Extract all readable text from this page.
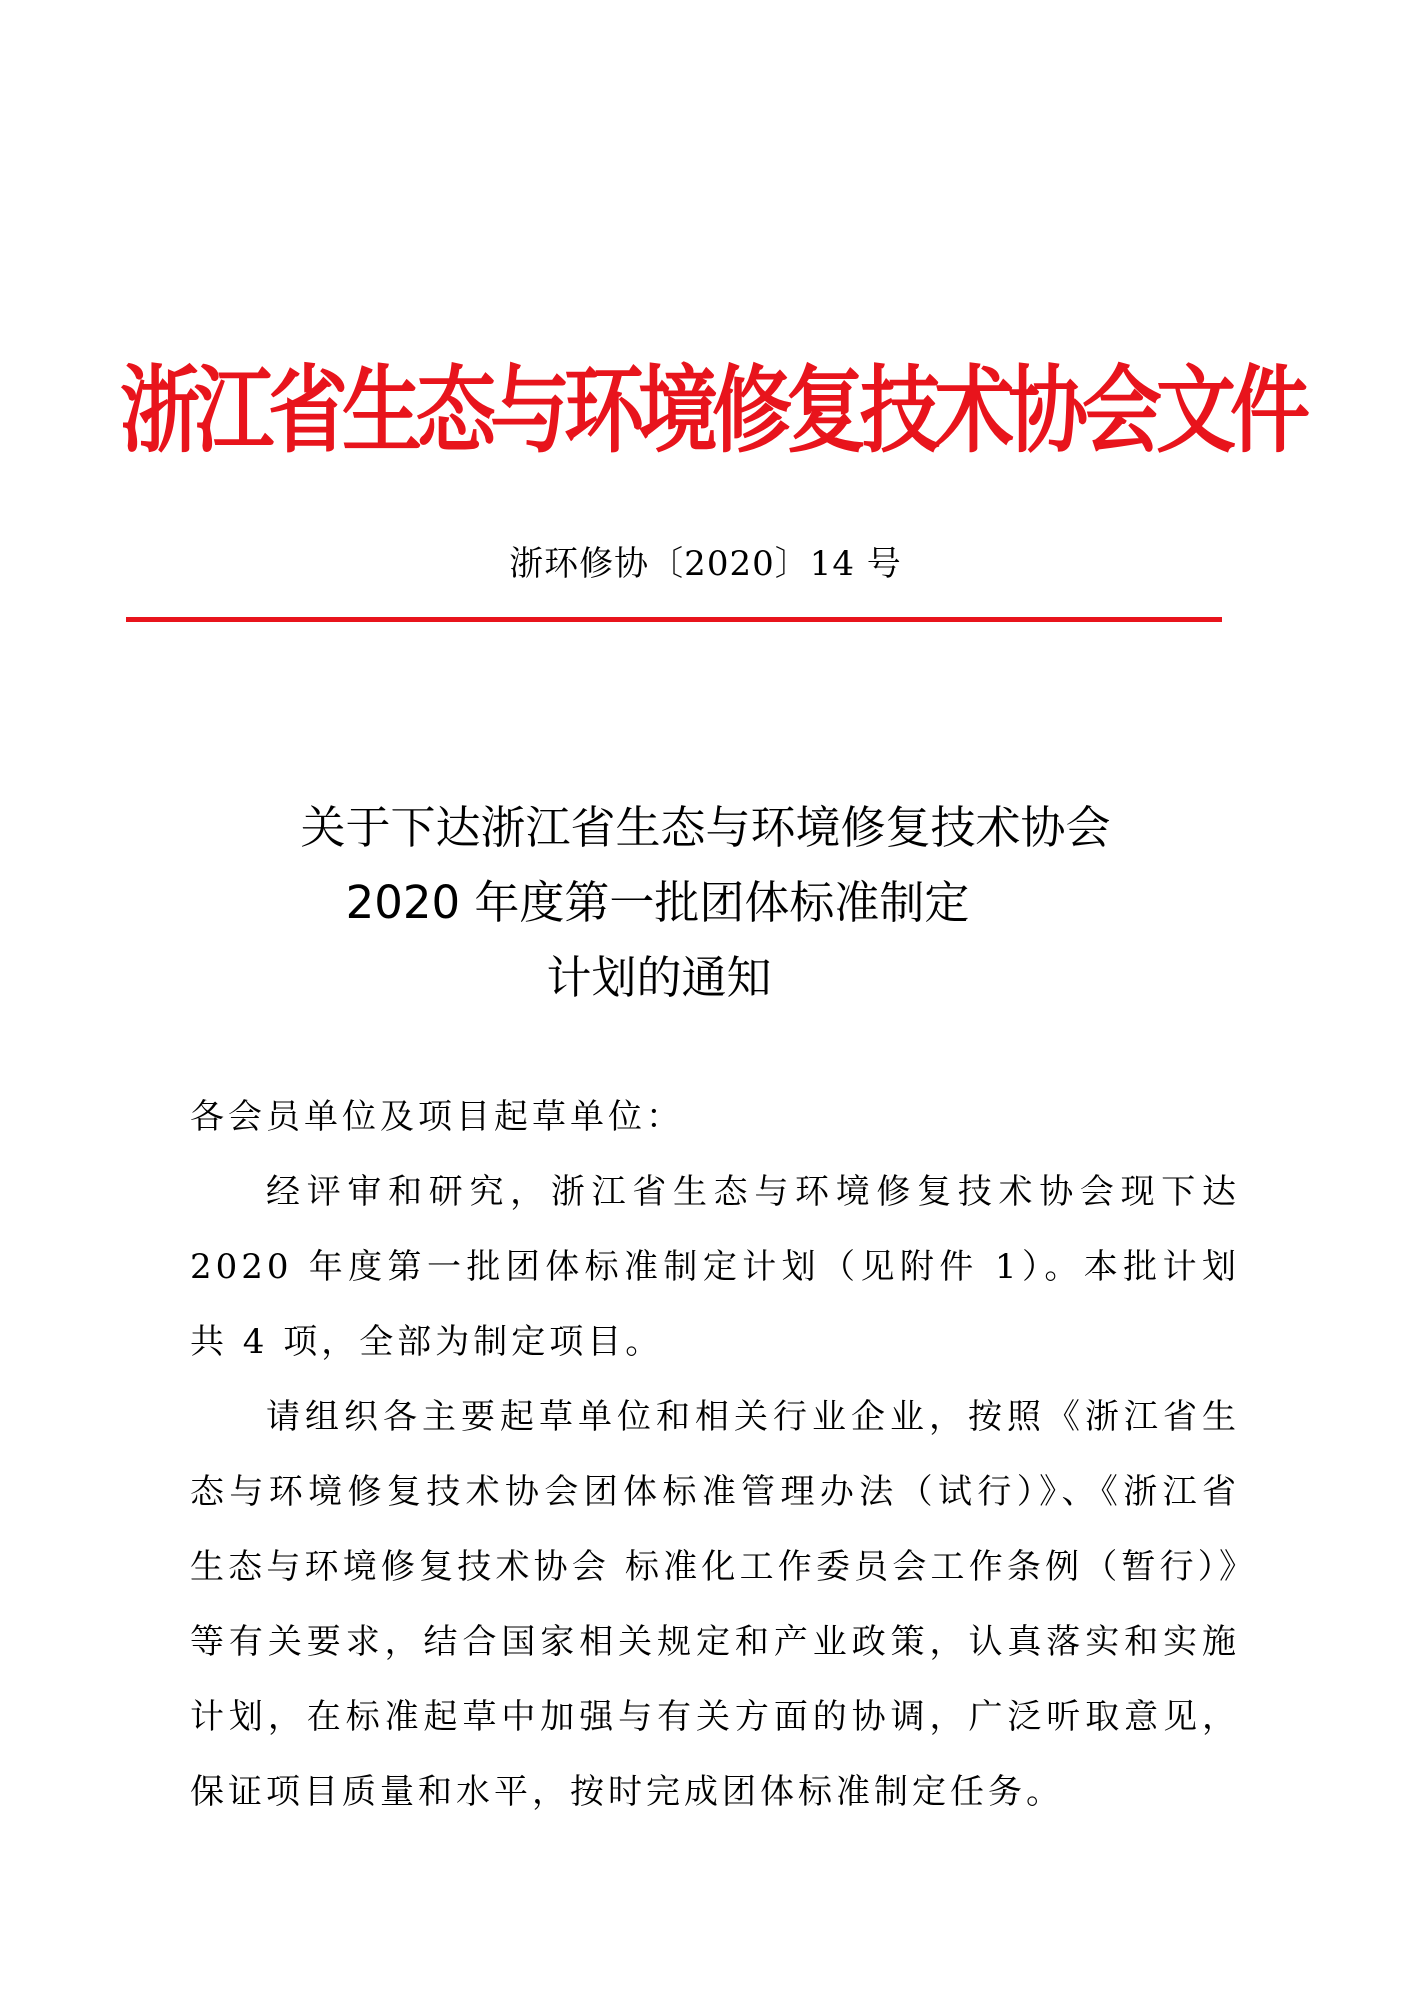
浙江省生态与环境修复技术协会文件
浙环修协〔2020〕14 号
关于下达浙江省生态与环境修复技术协会
2020 年度第一批团体标准制定
计划的通知

各会员单位及项目起草单位：

经评审和研究，浙江省生态与环境修复技术协会现下达 2020 年度第一批团体标准制定计划（见附件 1）。本批计划共 4 项，全部为制定项目。

请组织各主要起草单位和相关行业企业，按照《浙江省生态与环境修复技术协会团体标准管理办法（试行）》、《浙江省生态与环境修复技术协会 标准化工作委员会工作条例（暂行）》等有关要求，结合国家相关规定和产业政策，认真落实和实施计划，在标准起草中加强与有关方面的协调，广泛听取意见，保证项目质量和水平，按时完成团体标准制定任务。
